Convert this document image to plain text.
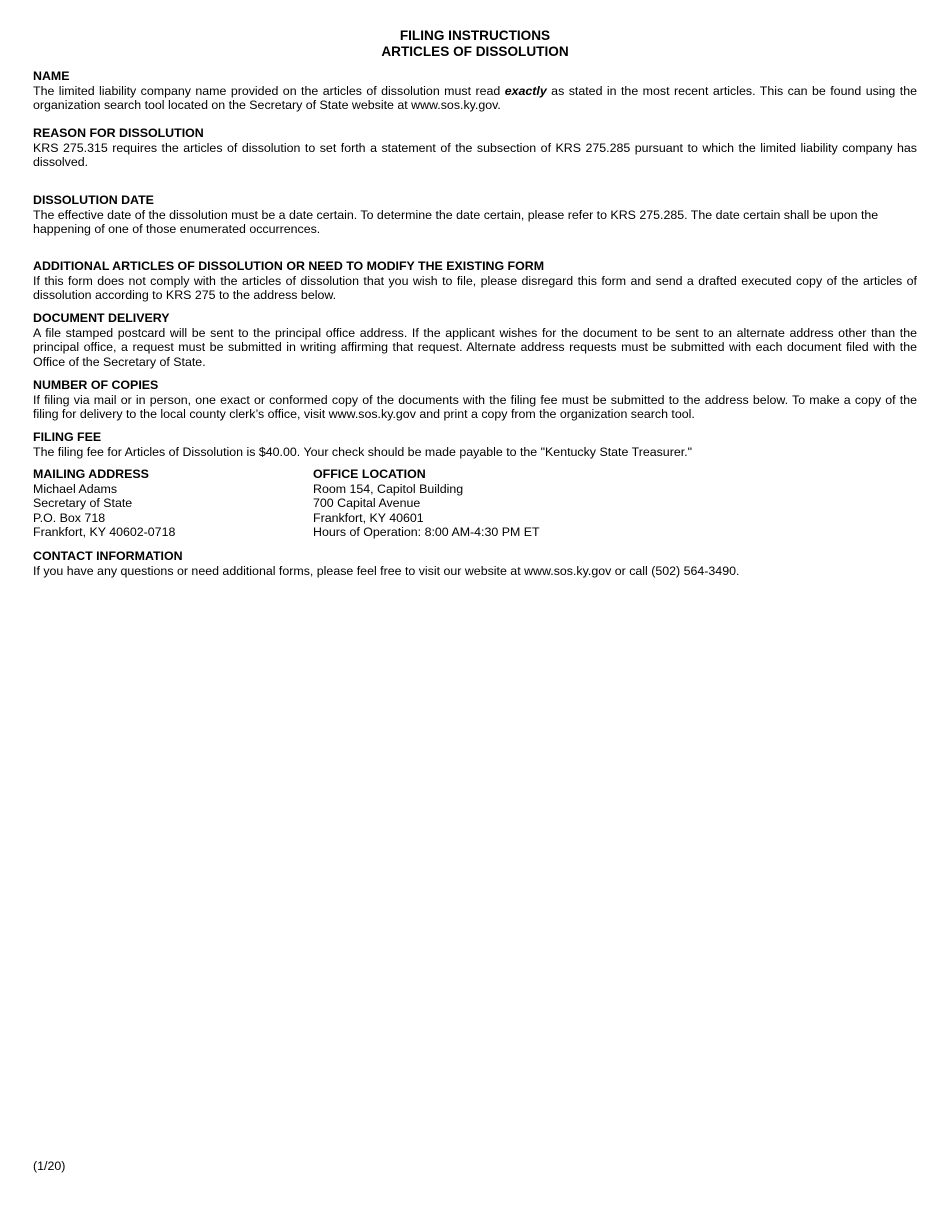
FILING INSTRUCTIONS
ARTICLES OF DISSOLUTION

NAME

The limited liability company name provided on the articles of dissolution must read exactly as stated in the most recent articles. This can be found using the organization search tool located on the Secretary of State website at www.sos.ky.gov.

REASON FOR DISSOLUTION

KRS 275.315 requires the articles of dissolution to set forth a statement of the subsection of KRS 275.285 pursuant to which the limited liability company has dissolved.

DISSOLUTION DATE

The effective date of the dissolution must be a date certain. To determine the date certain, please refer to KRS 275.285. The date certain shall be upon the happening of one of those enumerated occurrences.

ADDITIONAL ARTICLES OF DISSOLUTION OR NEED TO MODIFY THE EXISTING FORM

If this form does not comply with the articles of dissolution that you wish to file, please disregard this form and send a drafted executed copy of the articles of dissolution according to KRS 275 to the address below.

DOCUMENT DELIVERY

A file stamped postcard will be sent to the principal office address. If the applicant wishes for the document to be sent to an alternate address other than the principal office, a request must be submitted in writing affirming that request. Alternate address requests must be submitted with each document filed with the Office of the Secretary of State.

NUMBER OF COPIES

If filing via mail or in person, one exact or conformed copy of the documents with the filing fee must be submitted to the address below. To make a copy of the filing for delivery to the local county clerk’s office, visit www.sos.ky.gov and print a copy from the organization search tool.

FILING FEE

The filing fee for Articles of Dissolution is $40.00. Your check should be made payable to the "Kentucky State Treasurer."

MAILING ADDRESS

Michael Adams
Secretary of State
P.O. Box 718
Frankfort, KY 40602-0718

OFFICE LOCATION

Room 154, Capitol Building
700 Capital Avenue
Frankfort, KY 40601
Hours of Operation: 8:00 AM-4:30 PM ET

CONTACT INFORMATION

If you have any questions or need additional forms, please feel free to visit our website at www.sos.ky.gov or call (502) 564-3490.

(1/20)
